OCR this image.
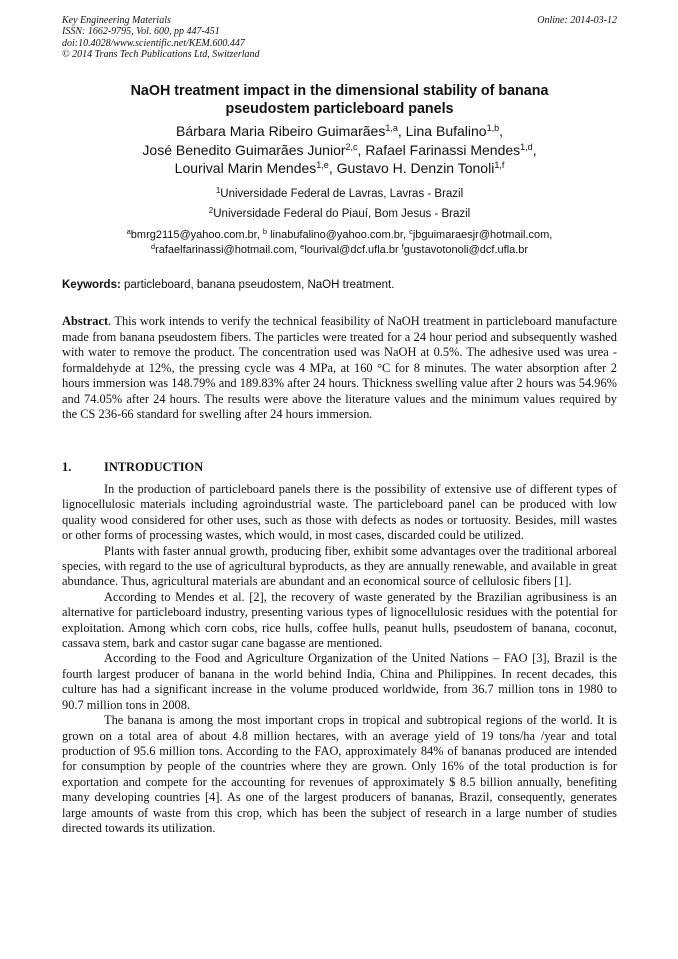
Key Engineering Materials
ISSN: 1662-9795, Vol. 600, pp 447-451
doi:10.4028/www.scientific.net/KEM.600.447
© 2014 Trans Tech Publications Ltd, Switzerland
Online: 2014-03-12
NaOH treatment impact in the dimensional stability of banana
pseudostem particleboard panels
Bárbara Maria Ribeiro Guimarães$^{1,a}$, Lina Bufalino$^{1,b}$,
José Benedito Guimarães Junior$^{2,c}$, Rafael Farinassi Mendes$^{1,d}$,
Lourival Marin Mendes$^{1,e}$, Gustavo H. Denzin Tonoli$^{1,f}$
$^1$Universidade Federal de Lavras, Lavras - Brazil
$^2$Universidade Federal do Piauí, Bom Jesus - Brazil
$^a$bmrg2115@yahoo.com.br, $^b$ linabufalino@yahoo.com.br, $^c$jbguimaraesjr@hotmail.com,
$^d$rafaelfarinassi@hotmail.com, $^e$lourival@dcf.ufla.br $^f$gustavotonoli@dcf.ufla.br
Keywords: particleboard, banana pseudostem, NaOH treatment.
Abstract. This work intends to verify the technical feasibility of NaOH treatment in particleboard manufacture made from banana pseudostem fibers. The particles were treated for a 24 hour period and subsequently washed with water to remove the product. The concentration used was NaOH at 0.5%. The adhesive used was urea - formaldehyde at 12%, the pressing cycle was 4 MPa, at 160 °C for 8 minutes. The water absorption after 2 hours immersion was 148.79% and 189.83% after 24 hours. Thickness swelling value after 2 hours was 54.96% and 74.05% after 24 hours. The results were above the literature values and the minimum values required by the CS 236-66 standard for swelling after 24 hours immersion.
1.	INTRODUCTION

In the production of particleboard panels there is the possibility of extensive use of different types of lignocellulosic materials including agroindustrial waste. The particleboard panel can be produced with low quality wood considered for other uses, such as those with defects as nodes or tortuosity. Besides, mill wastes or other forms of processing wastes, which would, in most cases, discarded could be utilized.

Plants with faster annual growth, producing fiber, exhibit some advantages over the traditional arboreal species, with regard to the use of agricultural byproducts, as they are annually renewable, and available in great abundance. Thus, agricultural materials are abundant and an economical source of cellulosic fibers [1].

According to Mendes et al. [2], the recovery of waste generated by the Brazilian agribusiness is an alternative for particleboard industry, presenting various types of lignocellulosic residues with the potential for exploitation. Among which corn cobs, rice hulls, coffee hulls, peanut hulls, pseudostem of banana, coconut, cassava stem, bark and castor sugar cane bagasse are mentioned.

According to the Food and Agriculture Organization of the United Nations – FAO [3], Brazil is the fourth largest producer of banana in the world behind India, China and Philippines. In recent decades, this culture has had a significant increase in the volume produced worldwide, from 36.7 million tons in 1980 to 90.7 million tons in 2008.

The banana is among the most important crops in tropical and subtropical regions of the world. It is grown on a total area of about 4.8 million hectares, with an average yield of 19 tons/ha /year and total production of 95.6 million tons. According to the FAO, approximately 84% of bananas produced are intended for consumption by people of the countries where they are grown. Only 16% of the total production is for exportation and compete for the accounting for revenues of approximately $ 8.5 billion annually, benefiting many developing countries [4]. As one of the largest producers of bananas, Brazil, consequently, generates large amounts of waste from this crop, which has been the subject of research in a large number of studies directed towards its utilization.
